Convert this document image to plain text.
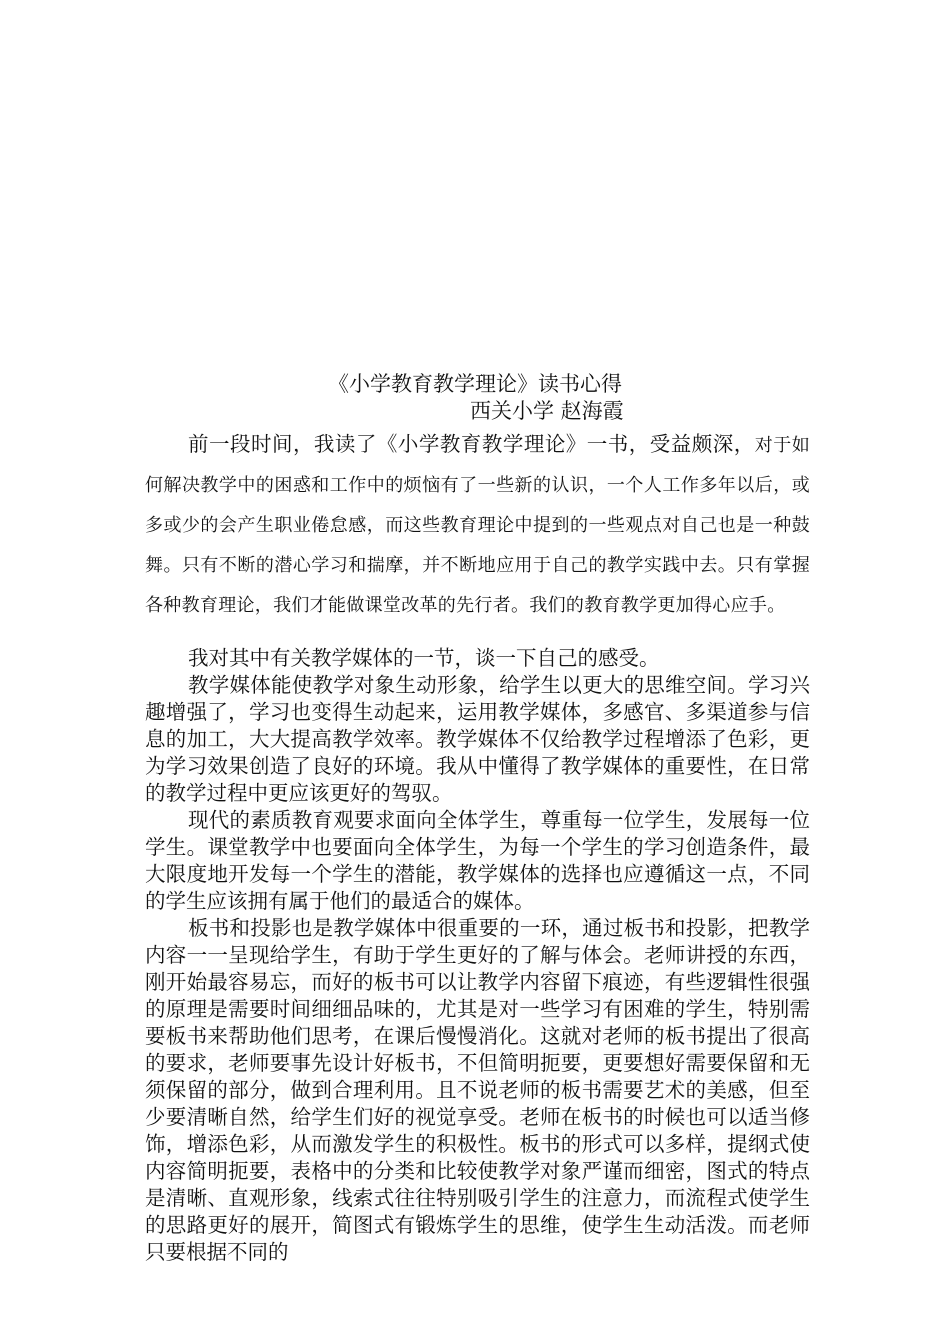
《小学教育教学理论》读书心得
西关小学 赵海霞

前一段时间，我读了《小学教育教学理论》一书，受益颇深，对于如何解决教学中的困惑和工作中的烦恼有了一些新的认识，一个人工作多年以后，或多或少的会产生职业倦怠感，而这些教育理论中提到的一些观点对自己也是一种鼓舞。只有不断的潜心学习和揣摩，并不断地应用于自己的教学实践中去。只有掌握各种教育理论，我们才能做课堂改革的先行者。我们的教育教学更加得心应手。

我对其中有关教学媒体的一节，谈一下自己的感受。

教学媒体能使教学对象生动形象，给学生以更大的思维空间。学习兴趣增强了，学习也变得生动起来，运用教学媒体，多感官、多渠道参与信息的加工，大大提高教学效率。教学媒体不仅给教学过程增添了色彩，更为学习效果创造了良好的环境。我从中懂得了教学媒体的重要性，在日常的教学过程中更应该更好的驾驭。

现代的素质教育观要求面向全体学生，尊重每一位学生，发展每一位学生。课堂教学中也要面向全体学生，为每一个学生的学习创造条件，最大限度地开发每一个学生的潜能，教学媒体的选择也应遵循这一点，不同的学生应该拥有属于他们的最适合的媒体。

板书和投影也是教学媒体中很重要的一环，通过板书和投影，把教学内容一一呈现给学生，有助于学生更好的了解与体会。老师讲授的东西，刚开始最容易忘，而好的板书可以让教学内容留下痕迹，有些逻辑性很强的原理是需要时间细细品味的，尤其是对一些学习有困难的学生，特别需要板书来帮助他们思考，在课后慢慢消化。这就对老师的板书提出了很高的要求，老师要事先设计好板书，不但简明扼要，更要想好需要保留和无须保留的部分，做到合理利用。且不说老师的板书需要艺术的美感，但至少要清晰自然，给学生们好的视觉享受。老师在板书的时候也可以适当修饰，增添色彩，从而激发学生的积极性。板书的形式可以多样，提纲式使内容简明扼要，表格中的分类和比较使教学对象严谨而细密，图式的特点是清晰、直观形象，线索式往往特别吸引学生的注意力，而流程式使学生的思路更好的展开，简图式有锻炼学生的思维，使学生生动活泼。而老师只要根据不同的
